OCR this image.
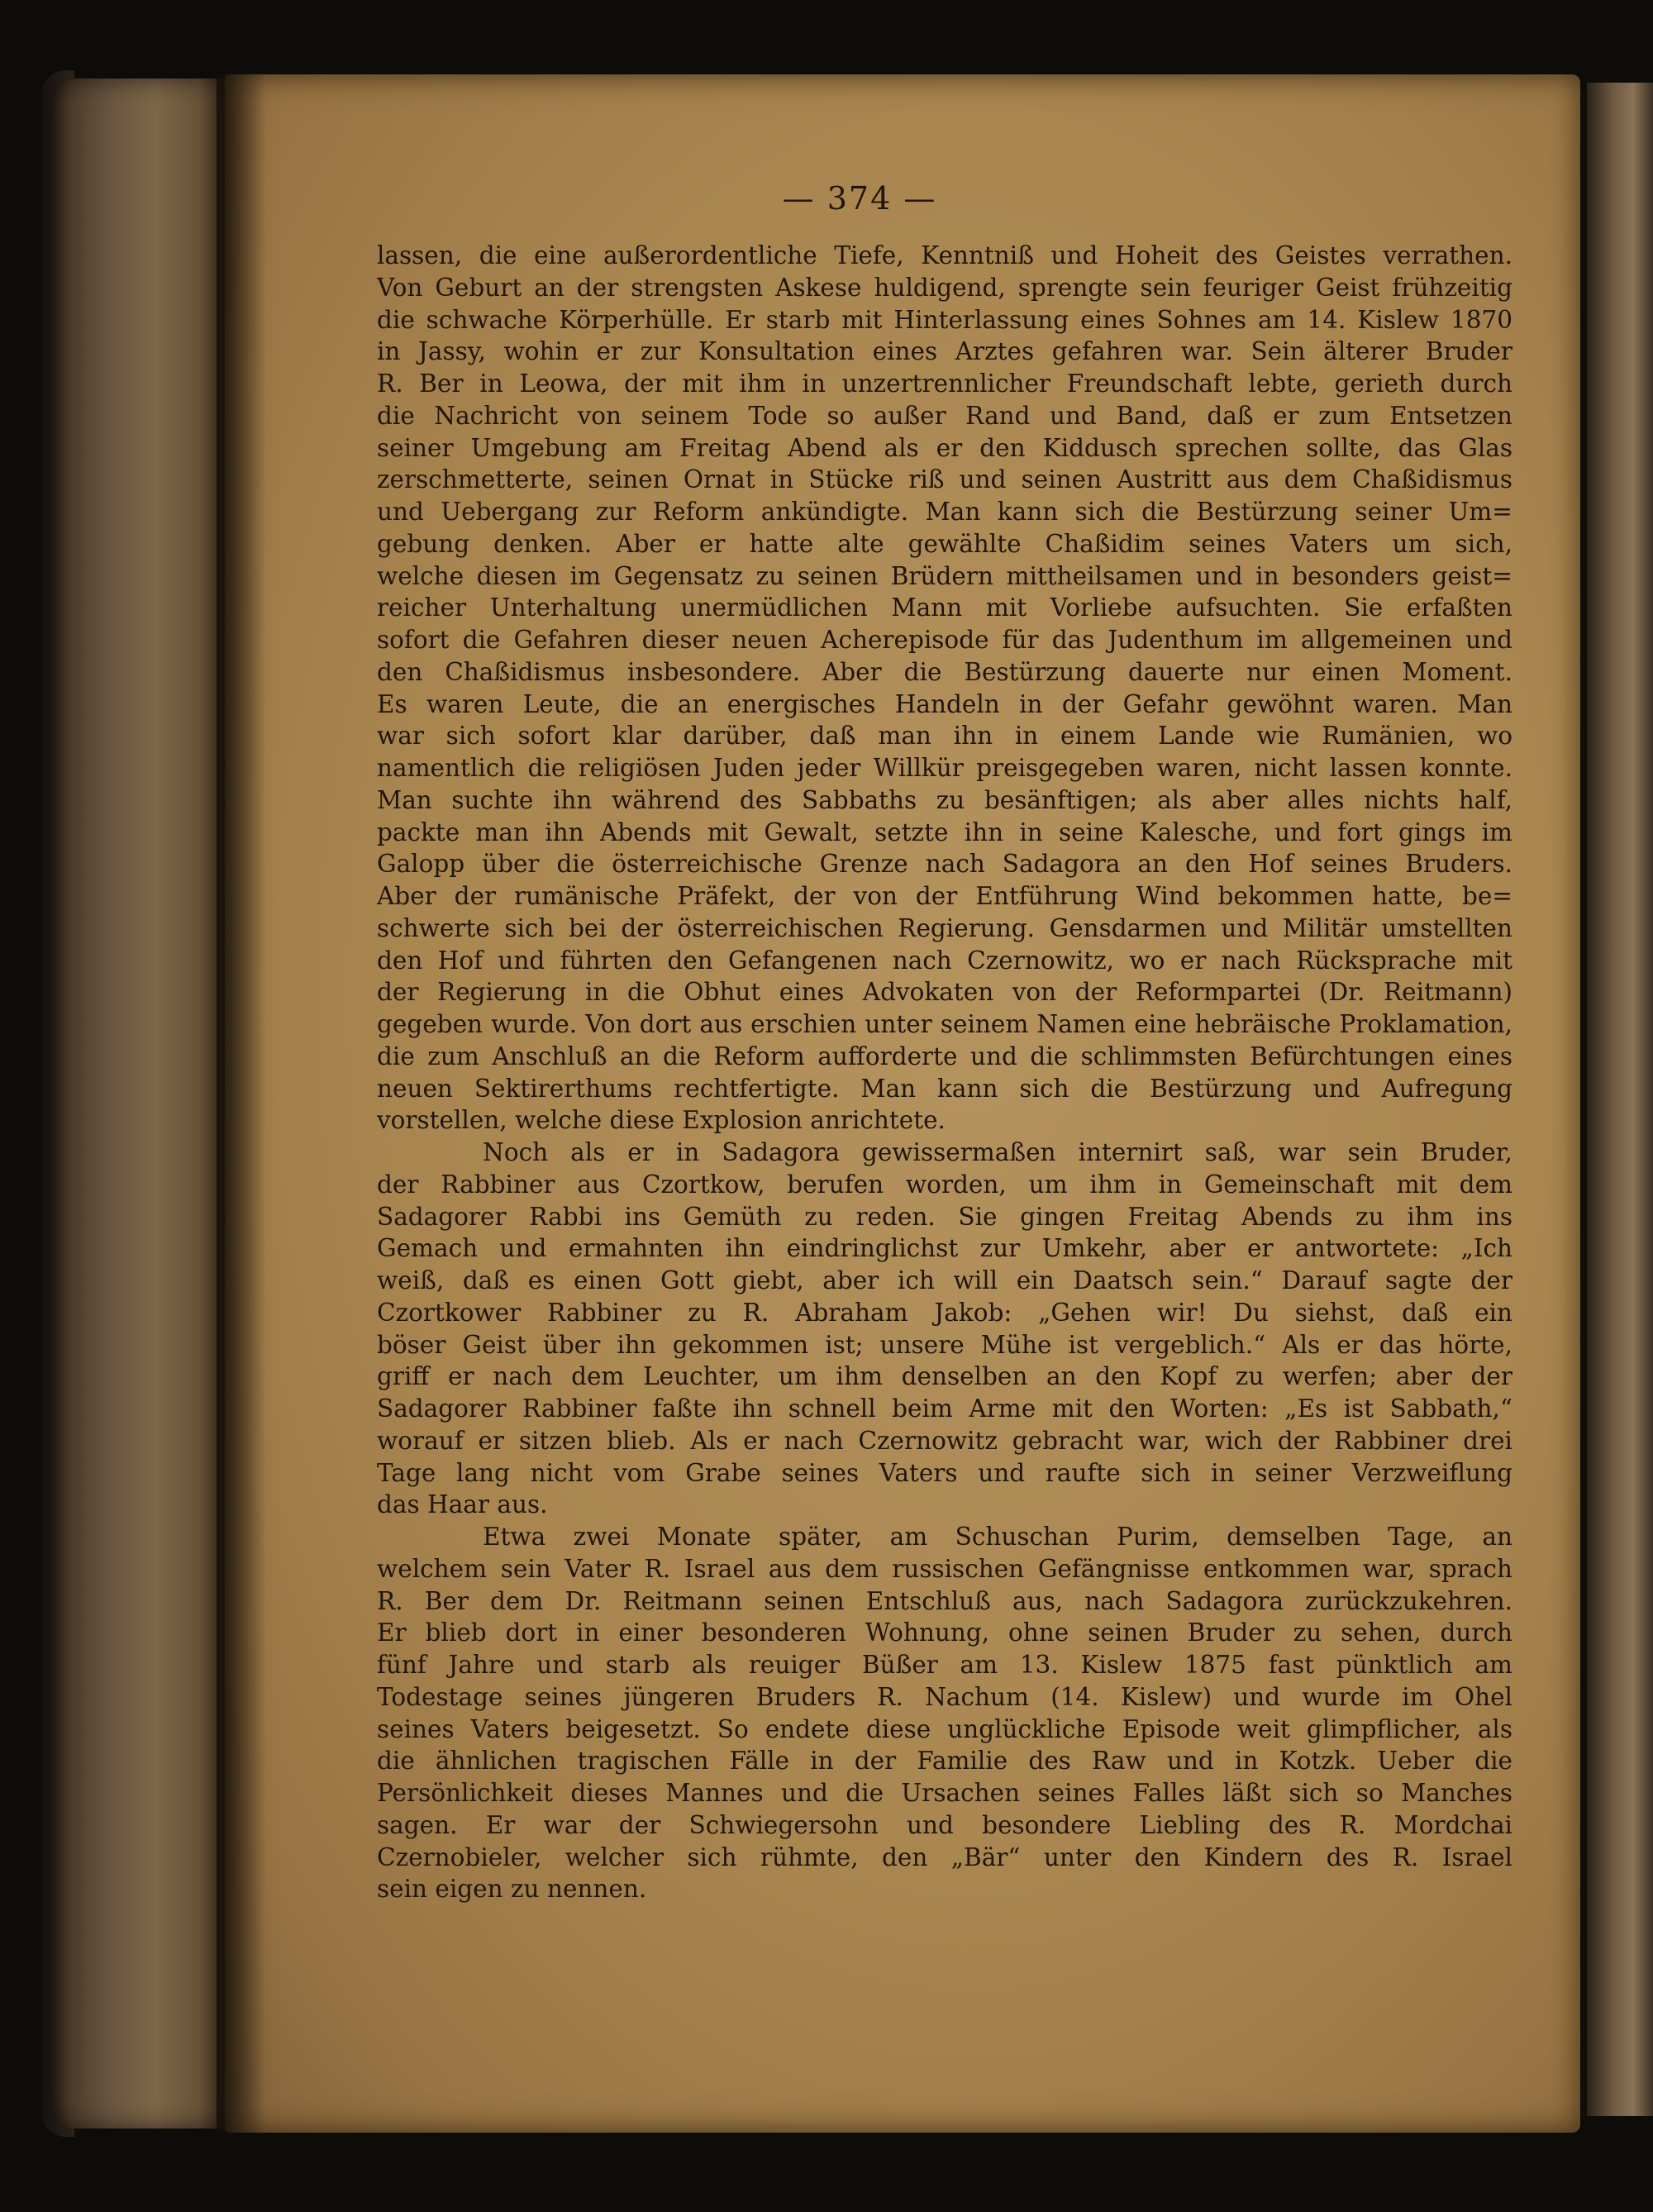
— 374 —
lassen, die eine außerordentliche Tiefe, Kenntniß und Hoheit des Geistes verrathen.
Von Geburt an der strengsten Askese huldigend, sprengte sein feuriger Geist frühzeitig
die schwache Körperhülle. Er starb mit Hinterlassung eines Sohnes am 14. Kislew 1870
in Jassy, wohin er zur Konsultation eines Arztes gefahren war. Sein älterer Bruder
R. Ber in Leowa, der mit ihm in unzertrennlicher Freundschaft lebte, gerieth durch
die Nachricht von seinem Tode so außer Rand und Band, daß er zum Entsetzen
seiner Umgebung am Freitag Abend als er den Kiddusch sprechen sollte, das Glas
zerschmetterte, seinen Ornat in Stücke riß und seinen Austritt aus dem Chaßidismus
und Uebergang zur Reform ankündigte. Man kann sich die Bestürzung seiner Um=
gebung denken. Aber er hatte alte gewählte Chaßidim seines Vaters um sich,
welche diesen im Gegensatz zu seinen Brüdern mittheilsamen und in besonders geist=
reicher Unterhaltung unermüdlichen Mann mit Vorliebe aufsuchten. Sie erfaßten
sofort die Gefahren dieser neuen Acherepisode für das Judenthum im allgemeinen und
den Chaßidismus insbesondere. Aber die Bestürzung dauerte nur einen Moment.
Es waren Leute, die an energisches Handeln in der Gefahr gewöhnt waren. Man
war sich sofort klar darüber, daß man ihn in einem Lande wie Rumänien, wo
namentlich die religiösen Juden jeder Willkür preisgegeben waren, nicht lassen konnte.
Man suchte ihn während des Sabbaths zu besänftigen; als aber alles nichts half,
packte man ihn Abends mit Gewalt, setzte ihn in seine Kalesche, und fort gings im
Galopp über die österreichische Grenze nach Sadagora an den Hof seines Bruders.
Aber der rumänische Präfekt, der von der Entführung Wind bekommen hatte, be=
schwerte sich bei der österreichischen Regierung. Gensdarmen und Militär umstellten
den Hof und führten den Gefangenen nach Czernowitz, wo er nach Rücksprache mit
der Regierung in die Obhut eines Advokaten von der Reformpartei (Dr. Reitmann)
gegeben wurde. Von dort aus erschien unter seinem Namen eine hebräische Proklamation,
die zum Anschluß an die Reform aufforderte und die schlimmsten Befürchtungen eines
neuen Sektirerthums rechtfertigte. Man kann sich die Bestürzung und Aufregung
vorstellen, welche diese Explosion anrichtete.
Noch als er in Sadagora gewissermaßen internirt saß, war sein Bruder,
der Rabbiner aus Czortkow, berufen worden, um ihm in Gemeinschaft mit dem
Sadagorer Rabbi ins Gemüth zu reden. Sie gingen Freitag Abends zu ihm ins
Gemach und ermahnten ihn eindringlichst zur Umkehr, aber er antwortete: „Ich
weiß, daß es einen Gott giebt, aber ich will ein Daatsch sein.“ Darauf sagte der
Czortkower Rabbiner zu R. Abraham Jakob: „Gehen wir! Du siehst, daß ein
böser Geist über ihn gekommen ist; unsere Mühe ist vergeblich.“ Als er das hörte,
griff er nach dem Leuchter, um ihm denselben an den Kopf zu werfen; aber der
Sadagorer Rabbiner faßte ihn schnell beim Arme mit den Worten: „Es ist Sabbath,“
worauf er sitzen blieb. Als er nach Czernowitz gebracht war, wich der Rabbiner drei
Tage lang nicht vom Grabe seines Vaters und raufte sich in seiner Verzweiflung
das Haar aus.
Etwa zwei Monate später, am Schuschan Purim, demselben Tage, an
welchem sein Vater R. Israel aus dem russischen Gefängnisse entkommen war, sprach
R. Ber dem Dr. Reitmann seinen Entschluß aus, nach Sadagora zurückzukehren.
Er blieb dort in einer besonderen Wohnung, ohne seinen Bruder zu sehen, durch
fünf Jahre und starb als reuiger Büßer am 13. Kislew 1875 fast pünktlich am
Todestage seines jüngeren Bruders R. Nachum (14. Kislew) und wurde im Ohel
seines Vaters beigesetzt. So endete diese unglückliche Episode weit glimpflicher, als
die ähnlichen tragischen Fälle in der Familie des Raw und in Kotzk. Ueber die
Persönlichkeit dieses Mannes und die Ursachen seines Falles läßt sich so Manches
sagen. Er war der Schwiegersohn und besondere Liebling des R. Mordchai
Czernobieler, welcher sich rühmte, den „Bär“ unter den Kindern des R. Israel
sein eigen zu nennen.
